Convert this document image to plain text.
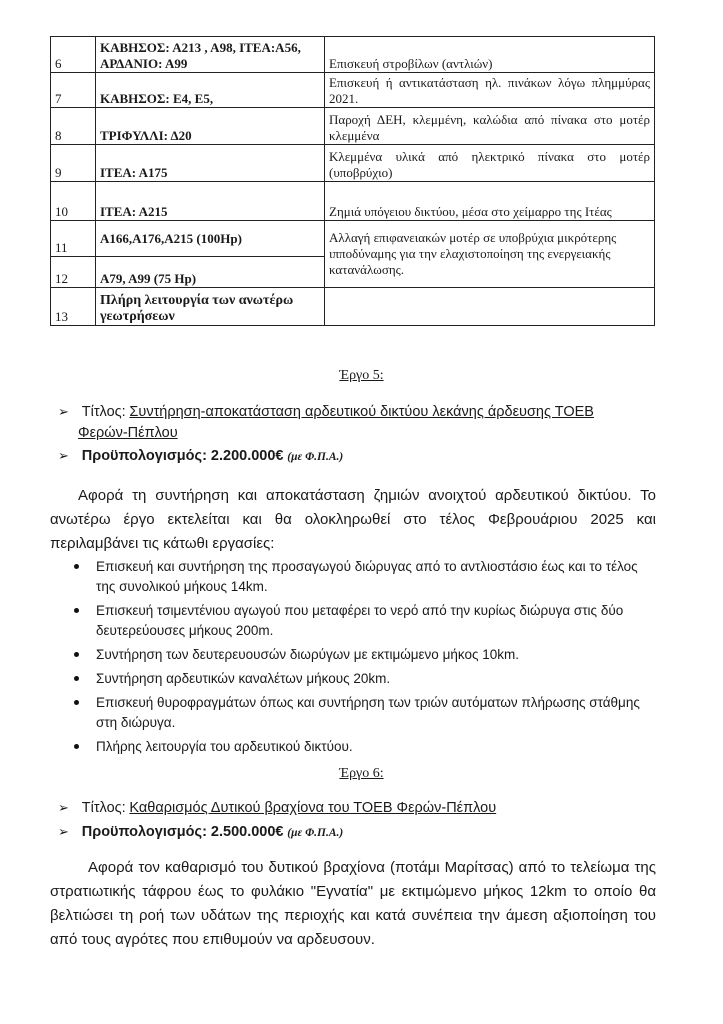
6	ΚΑΒΗΣΟΣ: Α213 , Α98, ΙΤΕΑ:Α56,
ΑΡΔΑΝΙΟ: Α99	Επισκευή στροβίλων (αντλιών)
7	ΚΑΒΗΣΟΣ: Ε4, Ε5,	Επισκευή ή αντικατάσταση ηλ. πινάκων λόγω πλημμύρας 2021.
8	ΤΡΙΦΥΛΛΙ: Δ20	Παροχή ΔΕΗ, κλεμμένη, καλώδια από πίνακα στο μοτέρ κλεμμένα
9	ΙΤΕΑ: Α175	Κλεμμένα υλικά από ηλεκτρικό πίνακα στο μοτέρ (υποβρύχιο)
10	ΙΤΕΑ: Α215	Ζημιά υπόγειου δικτύου, μέσα στο χείμαρρο της Ιτέας
11	Α166,Α176,Α215 (100Hp)	Αλλαγή επιφανειακών μοτέρ σε υποβρύχια μικρότερης ιπποδύναμης για την ελαχιστοποίηση της ενεργειακής κατανάλωσης.
12	Α79, Α99 (75 Hp)	
13	Πλήρη λειτουργία των ανωτέρω γεωτρήσεων	
Έργο 5:
➢ Τίτλος: Συντήρηση-αποκατάσταση αρδευτικού δικτύου λεκάνης άρδευσης ΤΟΕΒ
Φερών-Πέπλου
➢ Προϋπολογισμός: 2.200.000€ (με Φ.Π.Α.)
Αφορά τη συντήρηση και αποκατάσταση ζημιών ανοιχτού αρδευτικού δικτύου. Το ανωτέρω έργο εκτελείται και θα ολοκληρωθεί στο τέλος Φεβρουάριου 2025 και περιλαμβάνει τις κάτωθι εργασίες:
Επισκευή και συντήρηση της προσαγωγού διώρυγας από το αντλιοστάσιο έως και το τέλος της συνολικού μήκους 14km.
Επισκευή τσιμεντένιου αγωγού που μεταφέρει το νερό από την κυρίως διώρυγα στις δύο δευτερεύουσες μήκους 200m.
Συντήρηση των δευτερευουσών διωρύγων με εκτιμώμενο μήκος 10km.
Συντήρηση αρδευτικών καναλέτων μήκους 20km.
Επισκευή θυροφραγμάτων όπως και συντήρηση των τριών αυτόματων πλήρωσης στάθμης στη διώρυγα.
Πλήρης λειτουργία του αρδευτικού δικτύου.
Έργο 6:
➢ Τίτλος: Καθαρισμός Δυτικού βραχίονα του ΤΟΕΒ Φερών-Πέπλου
➢ Προϋπολογισμός: 2.500.000€ (με Φ.Π.Α.)
Αφορά τον καθαρισμό του δυτικού βραχίονα (ποτάμι Μαρίτσας) από το τελείωμα της στρατιωτικής τάφρου έως το φυλάκιο "Εγνατία" με εκτιμώμενο μήκος 12km το οποίο θα βελτιώσει τη ροή των υδάτων της περιοχής και κατά συνέπεια την άμεση αξιοποίηση του από τους αγρότες που επιθυμούν να αρδευσουν.
